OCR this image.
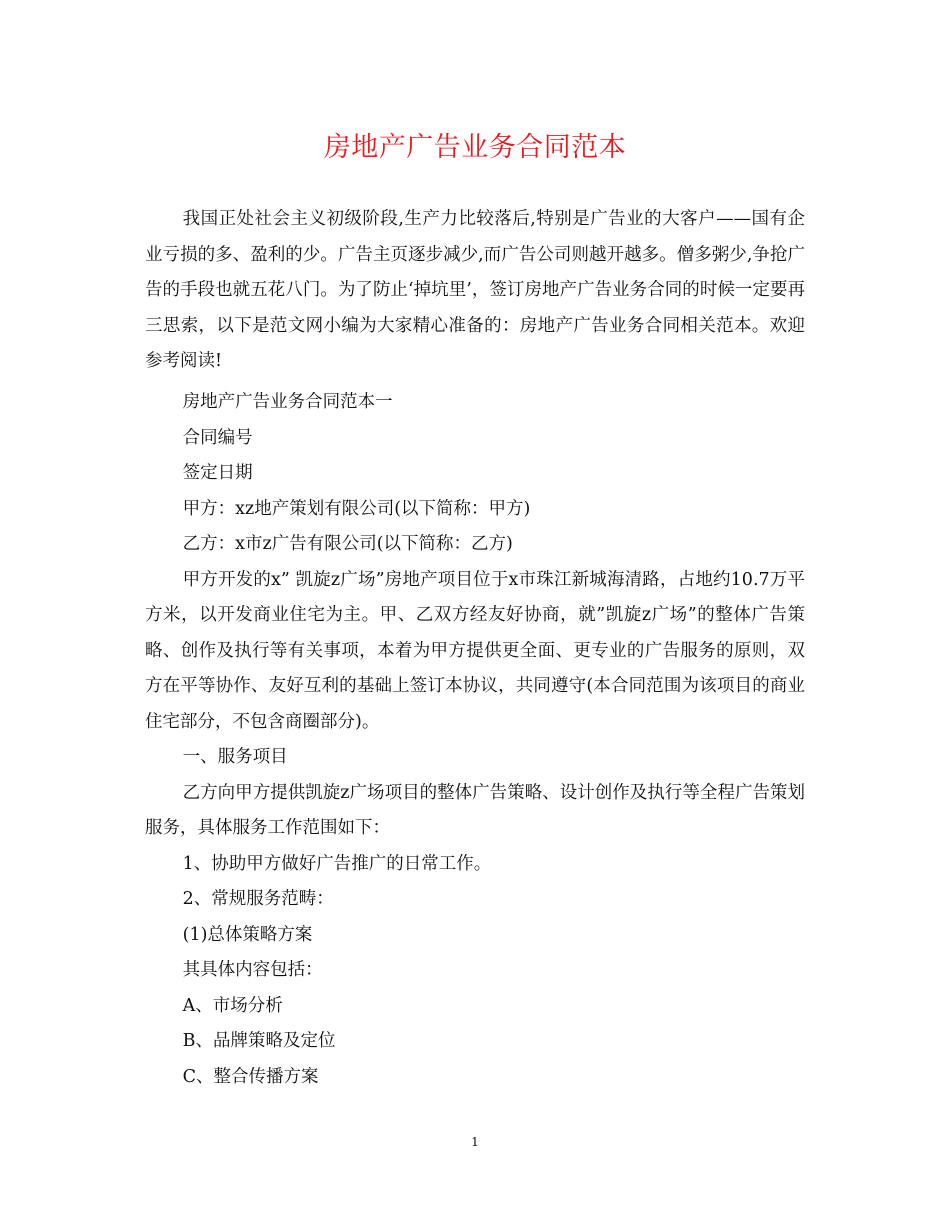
房地产广告业务合同范本

我国正处社会主义初级阶段,生产力比较落后,特别是广告业的大客户——国有企业亏损的多、盈利的少。广告主页逐步减少,而广告公司则越开越多。僧多粥少,争抢广告的手段也就五花八门。为了防止‘掉坑里’，签订房地产广告业务合同的时候一定要再三思索，以下是范文网小编为大家精心准备的：房地产广告业务合同相关范本。欢迎参考阅读!

房地产广告业务合同范本一

合同编号

签定日期

甲方：xz地产策划有限公司(以下简称：甲方)

乙方：x市z广告有限公司(以下简称：乙方)

甲方开发的x” 凯旋z广场”房地产项目位于x市珠江新城海清路，占地约10.7万平方米，以开发商业住宅为主。甲、乙双方经友好协商，就”凯旋z广场”的整体广告策略、创作及执行等有关事项，本着为甲方提供更全面、更专业的广告服务的原则，双方在平等协作、友好互利的基础上签订本协议，共同遵守(本合同范围为该项目的商业住宅部分，不包含商圈部分)。

一、服务项目

乙方向甲方提供凯旋z广场项目的整体广告策略、设计创作及执行等全程广告策划服务，具体服务工作范围如下：

1、协助甲方做好广告推广的日常工作。

2、常规服务范畴：

(1)总体策略方案

其具体内容包括：

A、市场分析

B、品牌策略及定位

C、整合传播方案

1
